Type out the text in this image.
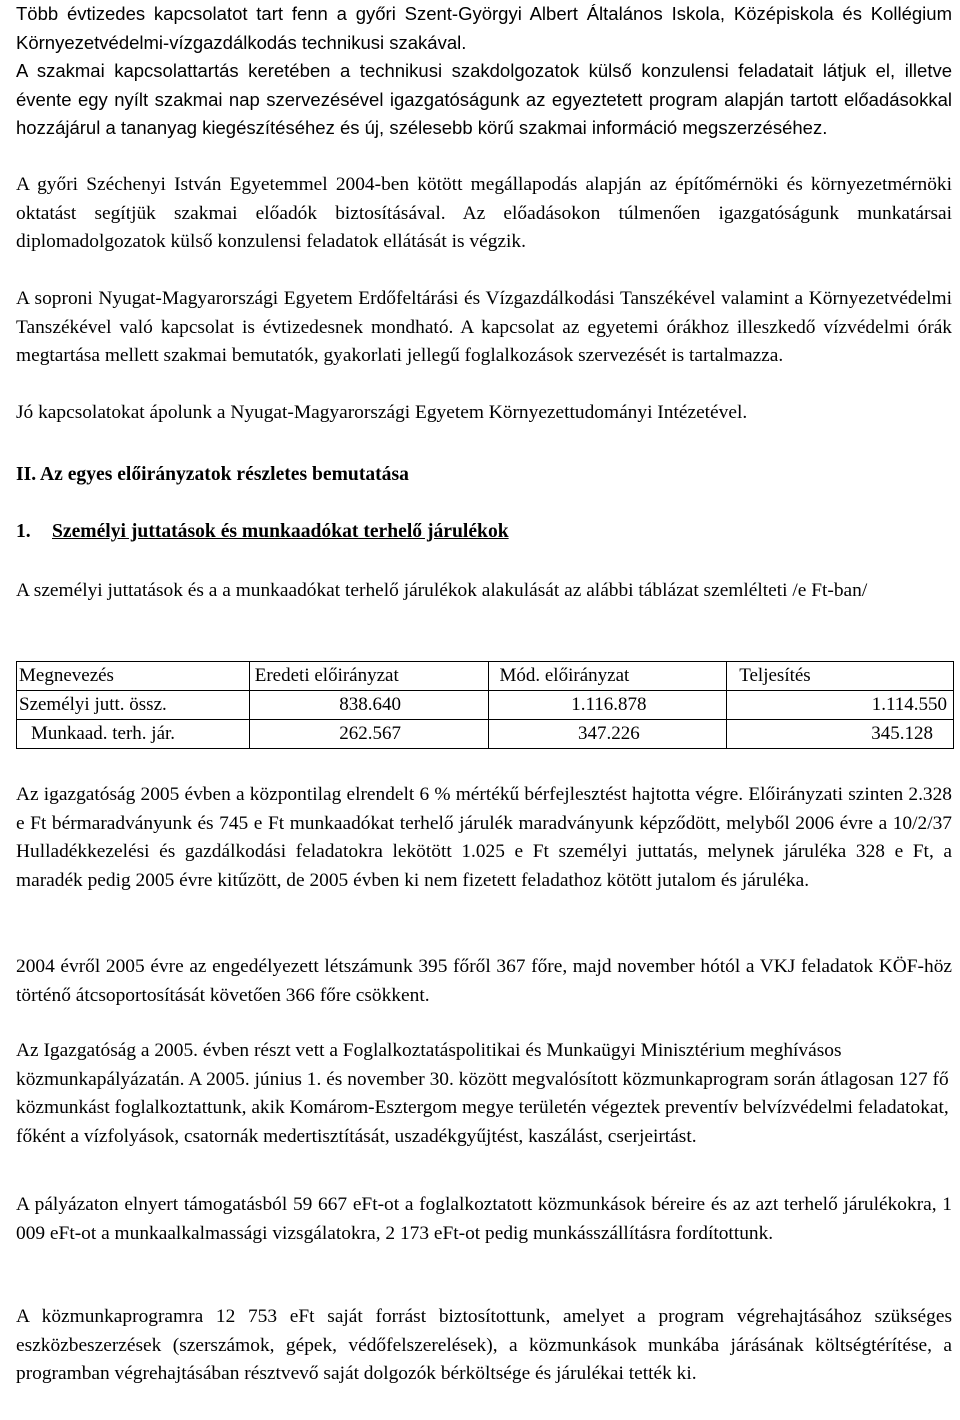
Több évtizedes kapcsolatot tart fenn a győri Szent-Györgyi Albert Általános Iskola, Középiskola és Kollégium Környezetvédelmi-vízgazdálkodás technikusi szakával.

A szakmai kapcsolattartás keretében a technikusi szakdolgozatok külső konzulensi feladatait látjuk el, illetve évente egy nyílt szakmai nap szervezésével igazgatóságunk az egyeztetett program alapján tartott előadásokkal hozzájárul a tananyag kiegészítéséhez és új, szélesebb körű szakmai információ megszerzéséhez.

A győri Széchenyi István Egyetemmel 2004-ben kötött megállapodás alapján az építőmérnöki és környezetmérnöki oktatást segítjük szakmai előadók biztosításával. Az előadásokon túlmenően igazgatóságunk munkatársai diplomadolgozatok külső konzulensi feladatok ellátását is végzik.

A soproni Nyugat-Magyarországi Egyetem Erdőfeltárási és Vízgazdálkodási Tanszékével valamint a Környezetvédelmi Tanszékével való kapcsolat is évtizedesnek mondható. A kapcsolat az egyetemi órákhoz illeszkedő vízvédelmi órák megtartása mellett szakmai bemutatók, gyakorlati jellegű foglalkozások szervezését is tartalmazza.

Jó kapcsolatokat ápolunk a Nyugat-Magyarországi Egyetem Környezettudományi Intézetével.

II. Az egyes előirányzatok részletes bemutatása
1. Személyi juttatások és munkaadókat terhelő járulékok

A személyi juttatások és a a munkaadókat terhelő járulékok alakulását az alábbi táblázat szemlélteti /e Ft-ban/

Megnevezés	Eredeti előirányzat	Mód. előirányzat	Teljesítés
Személyi jutt. össz.	838.640	1.116.878	1.114.550
Munkaad. terh. jár.	262.567	347.226	345.128

Az igazgatóság 2005 évben a központilag elrendelt 6 % mértékű bérfejlesztést hajtotta végre. Előirányzati szinten 2.328 e Ft bérmaradványunk és 745 e Ft munkaadókat terhelő járulék maradványunk képződött, melyből 2006 évre a 10/2/37 Hulladékkezelési és gazdálkodási feladatokra lekötött 1.025 e Ft személyi juttatás, melynek járuléka 328 e Ft, a maradék pedig 2005 évre kitűzött, de 2005 évben ki nem fizetett feladathoz kötött jutalom és járuléka.

2004 évről 2005 évre az engedélyezett létszámunk 395 főről 367 főre, majd november hótól a VKJ feladatok KÖF-höz történő átcsoportosítását követően 366 főre csökkent.

Az Igazgatóság a 2005. évben részt vett a Foglalkoztatáspolitikai és Munkaügyi Minisztérium meghívásos közmunkapályázatán. A 2005. június 1. és november 30. között megvalósított közmunkaprogram során átlagosan 127 fő közmunkást foglalkoztattunk, akik Komárom-Esztergom megye területén végeztek preventív belvízvédelmi feladatokat, főként a vízfolyások, csatornák medertisztítását, uszadékgyűjtést, kaszálást, cserjeirtást.

A pályázaton elnyert támogatásból 59 667 eFt-ot a foglalkoztatott közmunkások béreire és az azt terhelő járulékokra, 1 009 eFt-ot a munkaalkalmassági vizsgálatokra, 2 173 eFt-ot pedig munkásszállításra fordítottunk.

A közmunkaprogramra 12 753 eFt saját forrást biztosítottunk, amelyet a program végrehajtásához szükséges eszközbeszerzések (szerszámok, gépek, védőfelszerelések), a közmunkások munkába járásának költségtérítése, a programban végrehajtásában résztvevő saját dolgozók bérköltsége és járulékai tették ki.
